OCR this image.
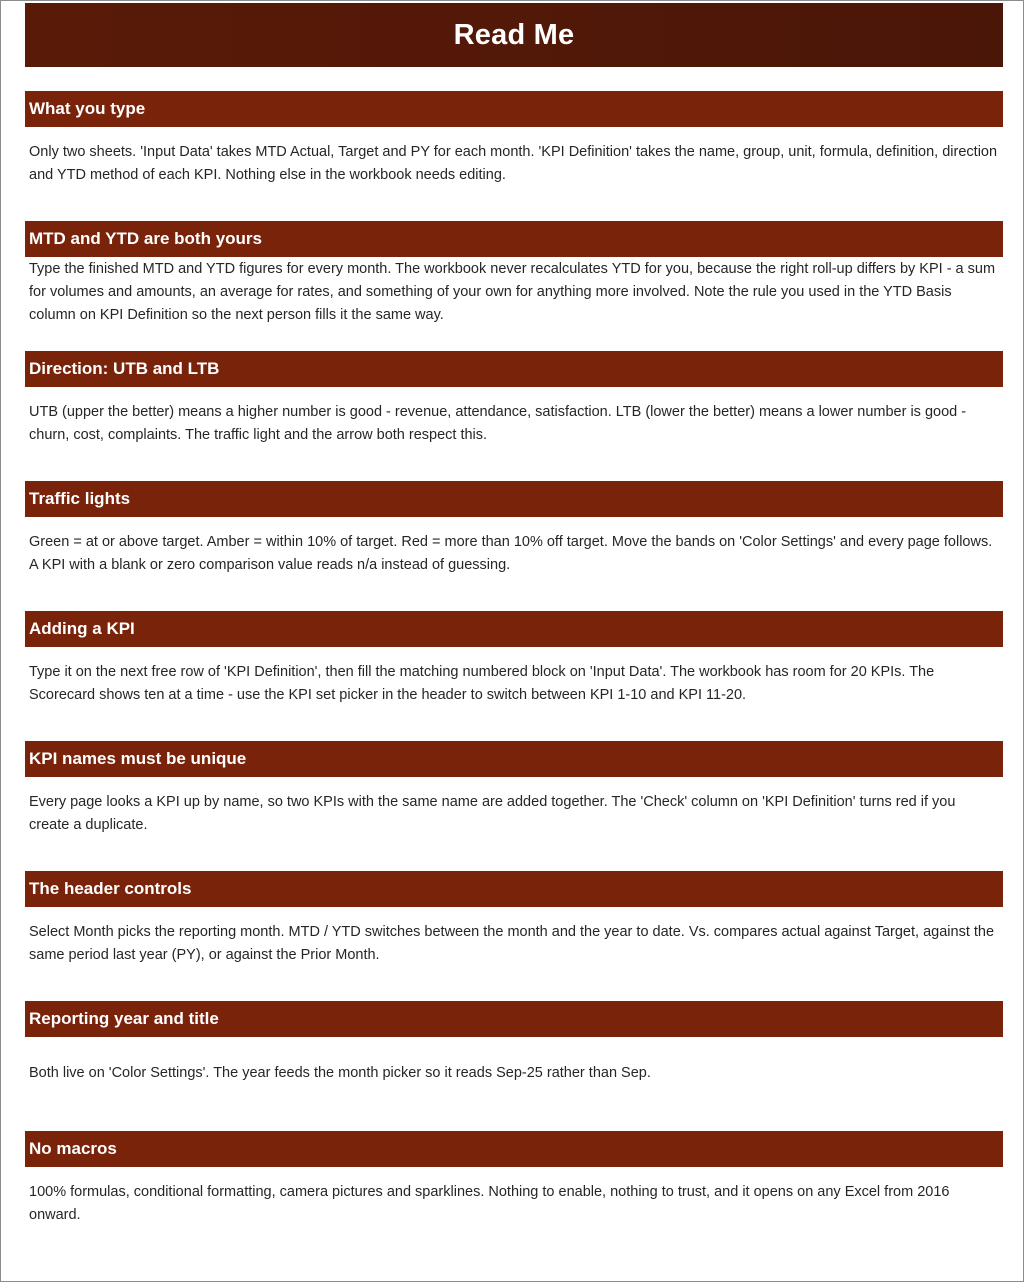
Read Me
What you type
Only two sheets. 'Input Data' takes MTD Actual, Target and PY for each month. 'KPI Definition' takes the name, group, unit, formula, definition, direction and YTD method of each KPI. Nothing else in the workbook needs editing.
MTD and YTD are both yours
Type the finished MTD and YTD figures for every month. The workbook never recalculates YTD for you, because the right roll-up differs by KPI - a sum for volumes and amounts, an average for rates, and something of your own for anything more involved. Note the rule you used in the YTD Basis column on KPI Definition so the next person fills it the same way.
Direction: UTB and LTB
UTB (upper the better) means a higher number is good - revenue, attendance, satisfaction. LTB (lower the better) means a lower number is good - churn, cost, complaints. The traffic light and the arrow both respect this.
Traffic lights
Green = at or above target. Amber = within 10% of target. Red = more than 10% off target. Move the bands on 'Color Settings' and every page follows. A KPI with a blank or zero comparison value reads n/a instead of guessing.
Adding a KPI
Type it on the next free row of 'KPI Definition', then fill the matching numbered block on 'Input Data'. The workbook has room for 20 KPIs. The Scorecard shows ten at a time - use the KPI set picker in the header to switch between KPI 1-10 and KPI 11-20.
KPI names must be unique
Every page looks a KPI up by name, so two KPIs with the same name are added together. The 'Check' column on 'KPI Definition' turns red if you create a duplicate.
The header controls
Select Month picks the reporting month. MTD / YTD switches between the month and the year to date. Vs. compares actual against Target, against the same period last year (PY), or against the Prior Month.
Reporting year and title
Both live on 'Color Settings'. The year feeds the month picker so it reads Sep-25 rather than Sep.
No macros
100% formulas, conditional formatting, camera pictures and sparklines. Nothing to enable, nothing to trust, and it opens on any Excel from 2016 onward.
